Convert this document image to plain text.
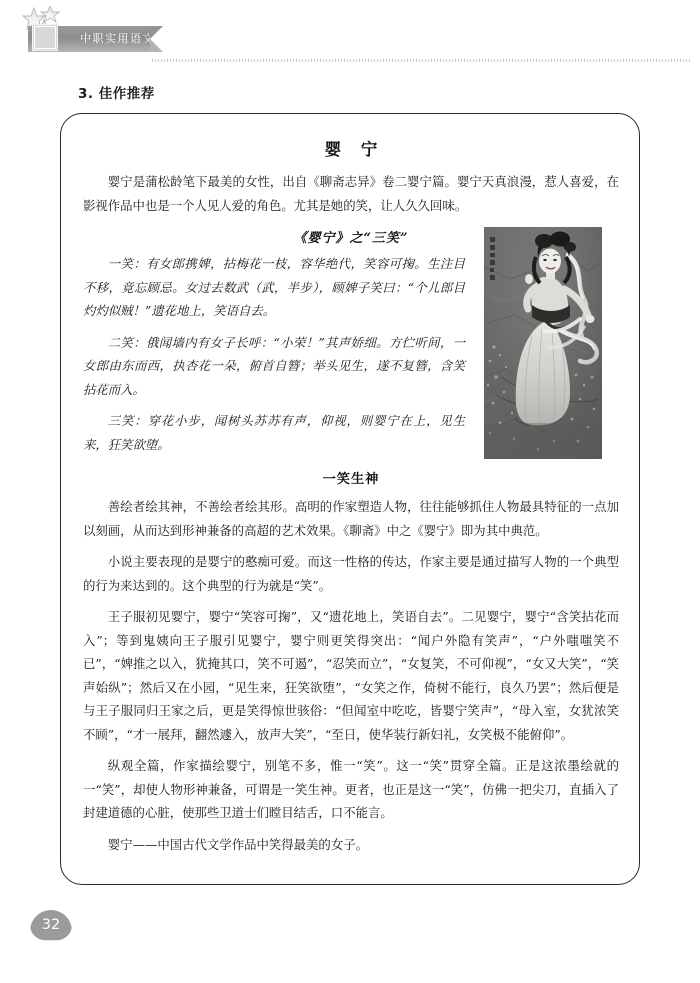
中职实用语文
3. 佳作推荐
婴 宁

婴宁是蒲松龄笔下最美的女性，出自《聊斋志异》卷二婴宁篇。婴宁天真浪漫，惹人喜爱，在影视作品中也是一个人见人爱的角色。尤其是她的笑，让人久久回味。

《婴宁》之“三笑”

一笑：有女郎携婢，拈梅花一枝，容华绝代，笑容可掬。生注目不移，竟忘顾忌。女过去数武（武，半步），顾婢子笑曰：“个儿郎目灼灼似贼！”遗花地上，笑语自去。

二笑：俄闻墙内有女子长呼：“小荣！”其声娇细。方伫听间，一女郎由东而西，执杏花一朵，俯首自簪；举头见生，遂不复簪，含笑拈花而入。

三笑：穿花小步，闻树头苏苏有声，仰视，则婴宁在上，见生来，狂笑欲堕。

一笑生神

善绘者绘其神，不善绘者绘其形。高明的作家塑造人物，往往能够抓住人物最具特征的一点加以刻画，从而达到形神兼备的高超的艺术效果。《聊斋》中之《婴宁》即为其中典范。

小说主要表现的是婴宁的憨痴可爱。而这一性格的传达，作家主要是通过描写人物的一个典型的行为来达到的。这个典型的行为就是“笑”。

王子服初见婴宁，婴宁“笑容可掬”，又“遗花地上，笑语自去”。二见婴宁，婴宁“含笑拈花而入”；等到鬼姨向王子服引见婴宁，婴宁则更笑得突出：“闻户外隐有笑声”，“户外嗤嗤笑不已”，“婢推之以入，犹掩其口，笑不可遏”，“忍笑而立”，“女复笑，不可仰视”，“女又大笑”，“笑声始纵”；然后又在小园，“见生来，狂笑欲堕”，“女笑之作，倚树不能行，良久乃罢”；然后便是与王子服同归王家之后，更是笑得惊世骇俗：“但闻室中吃吃，皆婴宁笑声”，“母入室，女犹浓笑不顾”，“才一展拜，翻然遽入，放声大笑”，“至日，使华装行新妇礼，女笑极不能俯仰”。

纵观全篇，作家描绘婴宁，别笔不多，惟一“笑”。这一“笑”贯穿全篇。正是这浓墨绘就的一“笑”，却使人物形神兼备，可谓是一笑生神。更者，也正是这一“笑”，仿佛一把尖刀，直插入了封建道德的心脏，使那些卫道士们瞠目结舌，口不能言。

婴宁——中国古代文学作品中笑得最美的女子。

32
